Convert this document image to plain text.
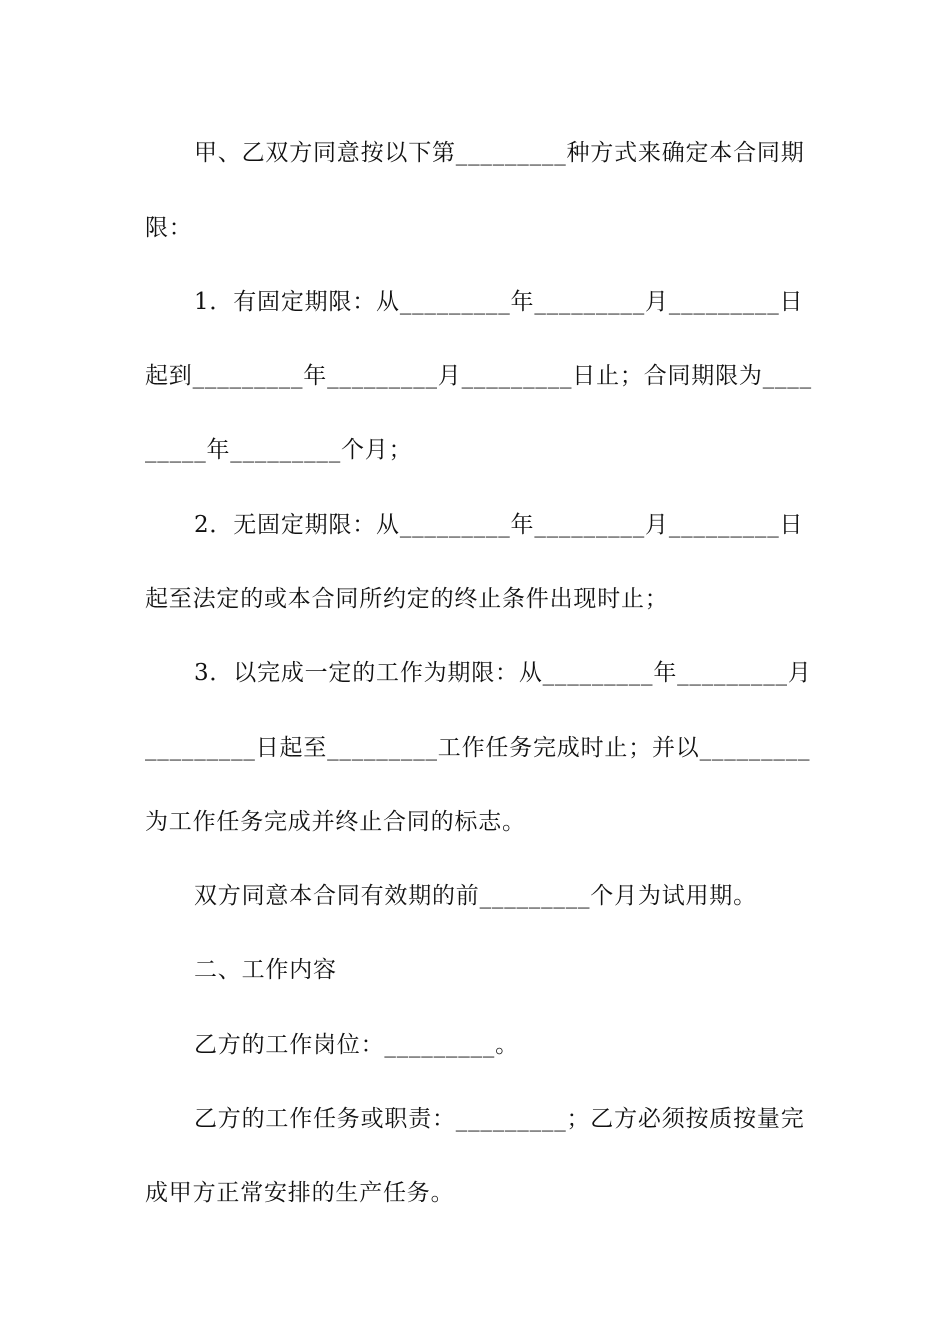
甲、乙双方同意按以下第_________种方式来确定本合同期
限：
1．有固定期限：从_________年_________月_________日
起到_________年_________月_________日止；合同期限为____
_____年_________个月；
2．无固定期限：从_________年_________月_________日
起至法定的或本合同所约定的终止条件出现时止；
3．以完成一定的工作为期限：从_________年_________月
_________日起至_________工作任务完成时止；并以_________
为工作任务完成并终止合同的标志。
双方同意本合同有效期的前_________个月为试用期。
二、工作内容
乙方的工作岗位：_________。
乙方的工作任务或职责：_________；乙方必须按质按量完
成甲方正常安排的生产任务。
